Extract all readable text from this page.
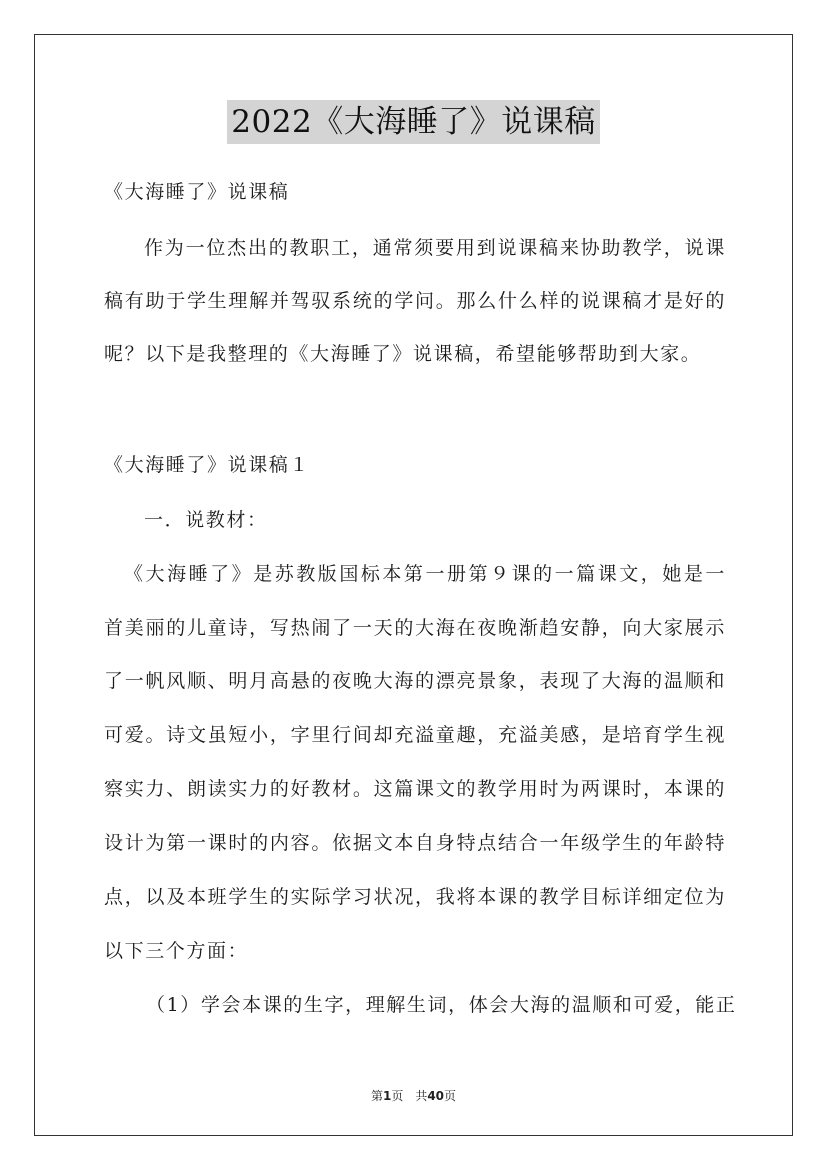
2022《大海睡了》说课稿
《大海睡了》说课稿
作为一位杰出的教职工，通常须要用到说课稿来协助教学，说课
稿有助于学生理解并驾驭系统的学问。那么什么样的说课稿才是好的
呢？以下是我整理的《大海睡了》说课稿，希望能够帮助到大家。
《大海睡了》说课稿１
一．说教材：
《大海睡了》是苏教版国标本第一册第９课的一篇课文，她是一
首美丽的儿童诗，写热闹了一天的大海在夜晚渐趋安静，向大家展示
了一帆风顺、明月高悬的夜晚大海的漂亮景象，表现了大海的温顺和
可爱。诗文虽短小，字里行间却充溢童趣，充溢美感，是培育学生视
察实力、朗读实力的好教材。这篇课文的教学用时为两课时，本课的
设计为第一课时的内容。依据文本自身特点结合一年级学生的年龄特
点，以及本班学生的实际学习状况，我将本课的教学目标详细定位为
以下三个方面：
（1）学会本课的生字，理解生词，体会大海的温顺和可爱，能正
第1页　共40页
